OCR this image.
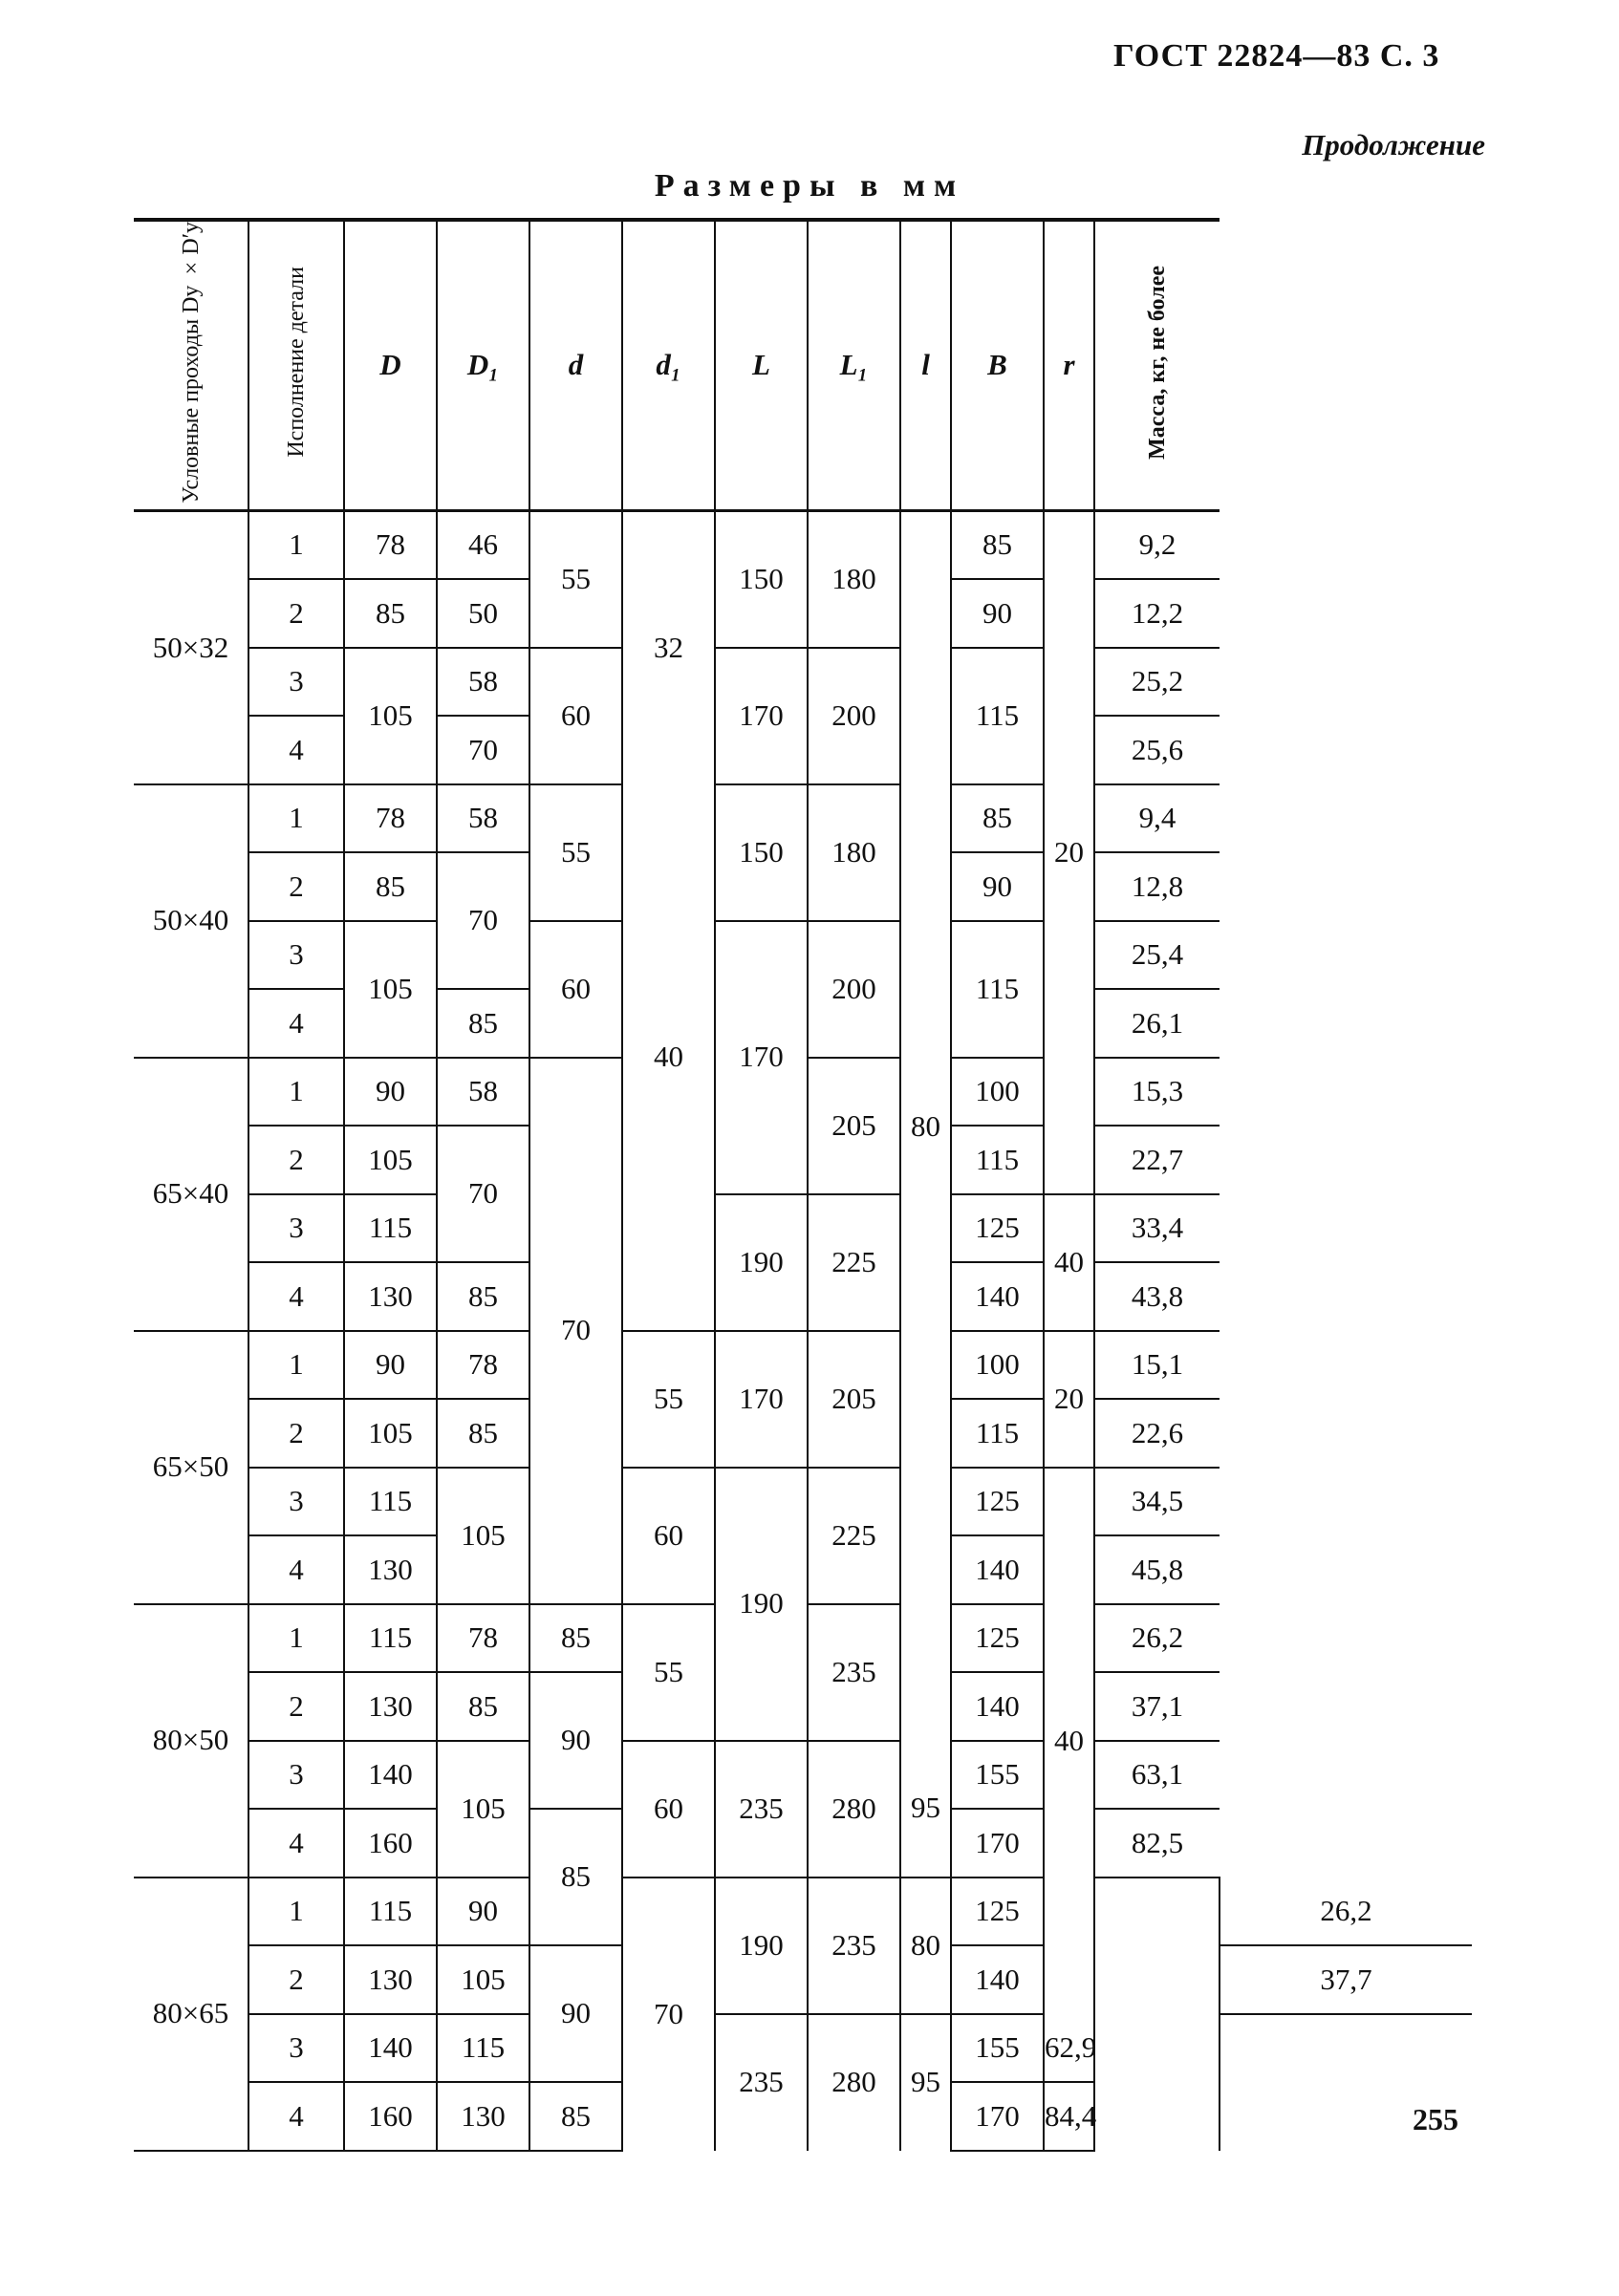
ГОСТ 22824—83 С. 3
Продолжение
Размеры в мм
Условные проходы Dу ×D′у	Исполнение детали	D	D₁	d	d₁	L	L₁	l	B	r	Масса, кг, не более	
50×32	1	78	46	55	32	150	180	80	85	20	9,2	
	2	85	50						90		12,2	
	3	105	58	60		170	200		115		25,2	
	4		70								25,6	
50×40	1	78	58	55	40	150	180		85		9,4	
	2	85	70						90		12,8	
	3	105		60		170	200		115		25,4	
	4		85								26,1	
65×40	1	90	58	70			205		100		15,3	
	2	105	70						115		22,7	
	3	115				190	225		125	40	33,4	
	4	130	85						140		43,8	
65×50	1	90	78		55	170	205		100	20	15,1	
	2	105	85						115		22,6	
	3	115	105		60	190	225		125	40	34,5	
	4	130							140		45,8	
80×50	1	115	78	85	55		235		125		26,2	
	2	130	85	90					140		37,1	
	3	140	105		60	235	280	95	155		63,1	
	4	160		85					170		82,5	
80×65	1	115	90		70	190	235	80	125			26,2
	2	130	105	90					140			37,7
	3	140	115			235	280	95	155	62,9		
	4	160	130	85					170	84,4			255
